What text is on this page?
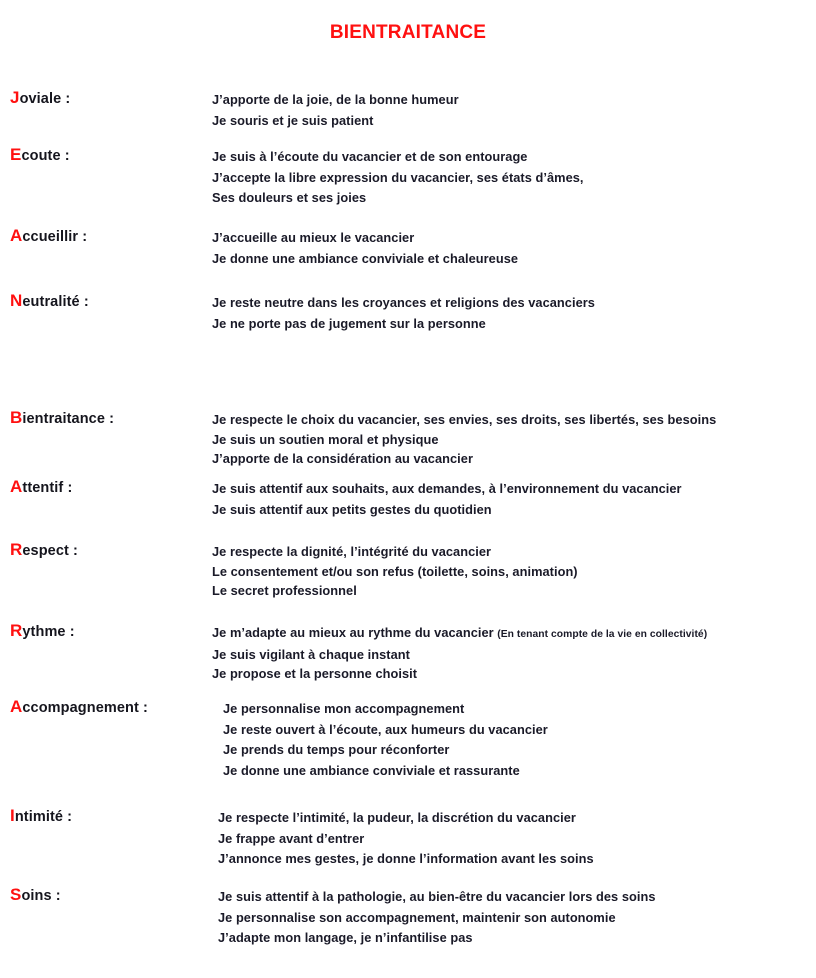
BIENTRAITANCE
Joviale :	J’apporte de la joie, de la bonne humeur
Je souris et je suis patient
Ecoute :	Je suis à l’écoute du vacancier et de son entourage
J’accepte la libre expression du vacancier, ses états d’âmes,
Ses douleurs et ses joies
Accueillir :	J’accueille au mieux le vacancier
Je donne une ambiance conviviale et chaleureuse
Neutralité :	Je reste neutre dans les croyances et religions des vacanciers
Je ne porte pas de jugement sur la personne
Bientraitance :	Je respecte le choix du vacancier, ses envies, ses droits, ses libertés, ses besoins
Je suis un soutien moral et physique
J’apporte de la considération au vacancier
Attentif :	Je suis attentif aux souhaits, aux demandes, à l’environnement du vacancier
Je suis attentif aux petits gestes du quotidien
Respect :	Je respecte la dignité, l’intégrité du vacancier
Le consentement et/ou son refus (toilette, soins, animation)
Le secret professionnel
Rythme :	Je m’adapte au mieux au rythme du vacancier (En tenant compte de la vie en collectivité)
Je suis vigilant à chaque instant
Je propose et la personne choisit
Accompagnement :	Je personnalise mon accompagnement
Je reste ouvert à l’écoute, aux humeurs du vacancier
Je prends du temps pour réconforter
Je donne une ambiance conviviale et rassurante
Intimité :	Je respecte l’intimité, la pudeur, la discrétion du vacancier
Je frappe avant d’entrer
J’annonce mes gestes, je donne l’information avant les soins
Soins :	Je suis attentif à la pathologie, au bien-être du vacancier lors des soins
Je personnalise son accompagnement, maintenir son autonomie
J’adapte mon langage, je n’infantilise pas
